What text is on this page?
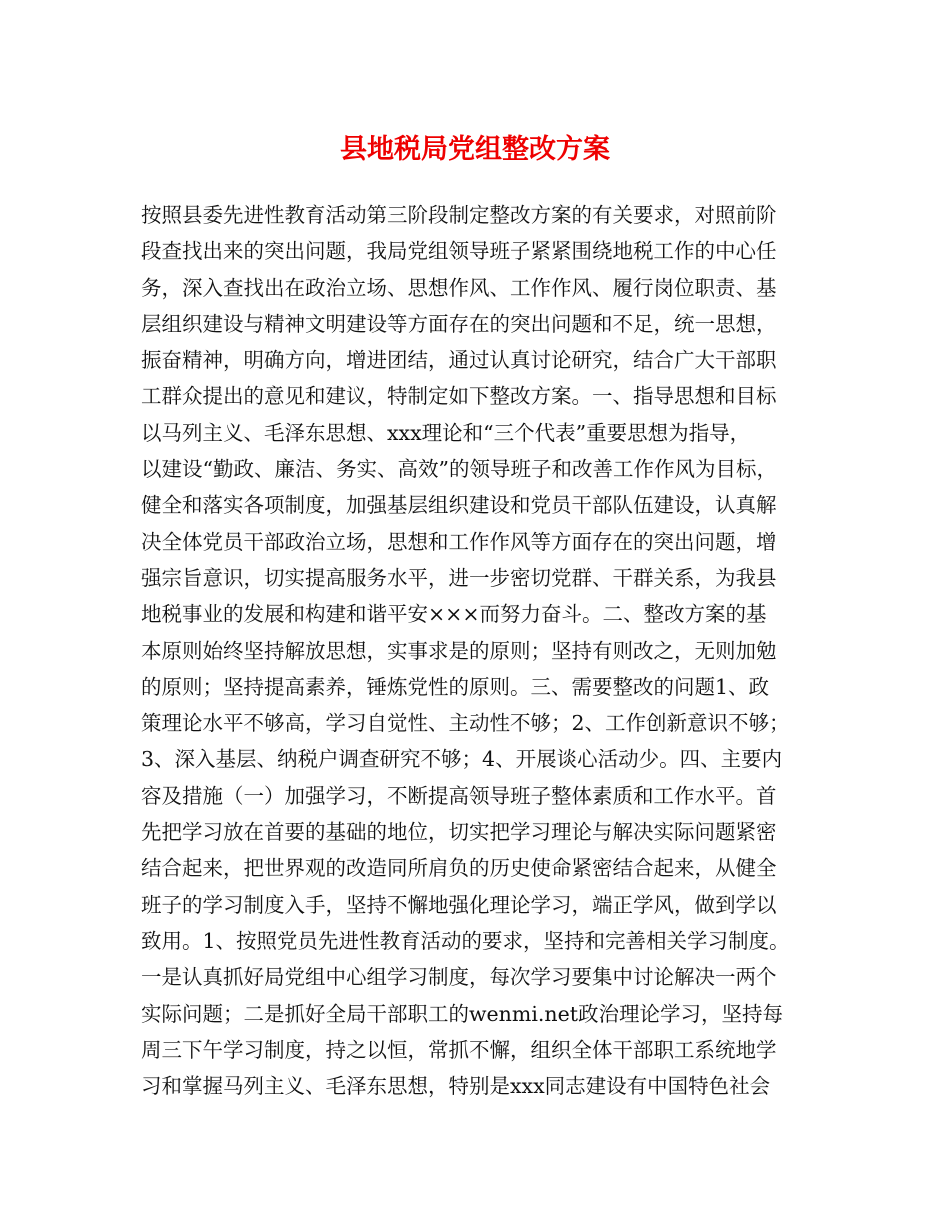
县地税局党组整改方案
按照县委先进性教育活动第三阶段制定整改方案的有关要求，对照前阶
段查找出来的突出问题，我局党组领导班子紧紧围绕地税工作的中心任
务，深入查找出在政治立场、思想作风、工作作风、履行岗位职责、基
层组织建设与精神文明建设等方面存在的突出问题和不足，统一思想，
振奋精神，明确方向，增进团结，通过认真讨论研究，结合广大干部职
工群众提出的意见和建议，特制定如下整改方案。一、指导思想和目标
以马列主义、毛泽东思想、xxx理论和“三个代表”重要思想为指导，
以建设“勤政、廉洁、务实、高效”的领导班子和改善工作作风为目标，
健全和落实各项制度，加强基层组织建设和党员干部队伍建设，认真解
决全体党员干部政治立场，思想和工作作风等方面存在的突出问题，增
强宗旨意识，切实提高服务水平，进一步密切党群、干群关系，为我县
地税事业的发展和构建和谐平安×××而努力奋斗。二、整改方案的基
本原则始终坚持解放思想，实事求是的原则；坚持有则改之，无则加勉
的原则；坚持提高素养，锤炼党性的原则。三、需要整改的问题1、政
策理论水平不够高，学习自觉性、主动性不够；2、工作创新意识不够；
3、深入基层、纳税户调查研究不够；4、开展谈心活动少。四、主要内
容及措施（一）加强学习，不断提高领导班子整体素质和工作水平。首
先把学习放在首要的基础的地位，切实把学习理论与解决实际问题紧密
结合起来，把世界观的改造同所肩负的历史使命紧密结合起来，从健全
班子的学习制度入手，坚持不懈地强化理论学习，端正学风，做到学以
致用。1、按照党员先进性教育活动的要求，坚持和完善相关学习制度。
一是认真抓好局党组中心组学习制度，每次学习要集中讨论解决一两个
实际问题；二是抓好全局干部职工的wenmi.net政治理论学习，坚持每
周三下午学习制度，持之以恒，常抓不懈，组织全体干部职工系统地学
习和掌握马列主义、毛泽东思想，特别是xxx同志建设有中国特色社会
